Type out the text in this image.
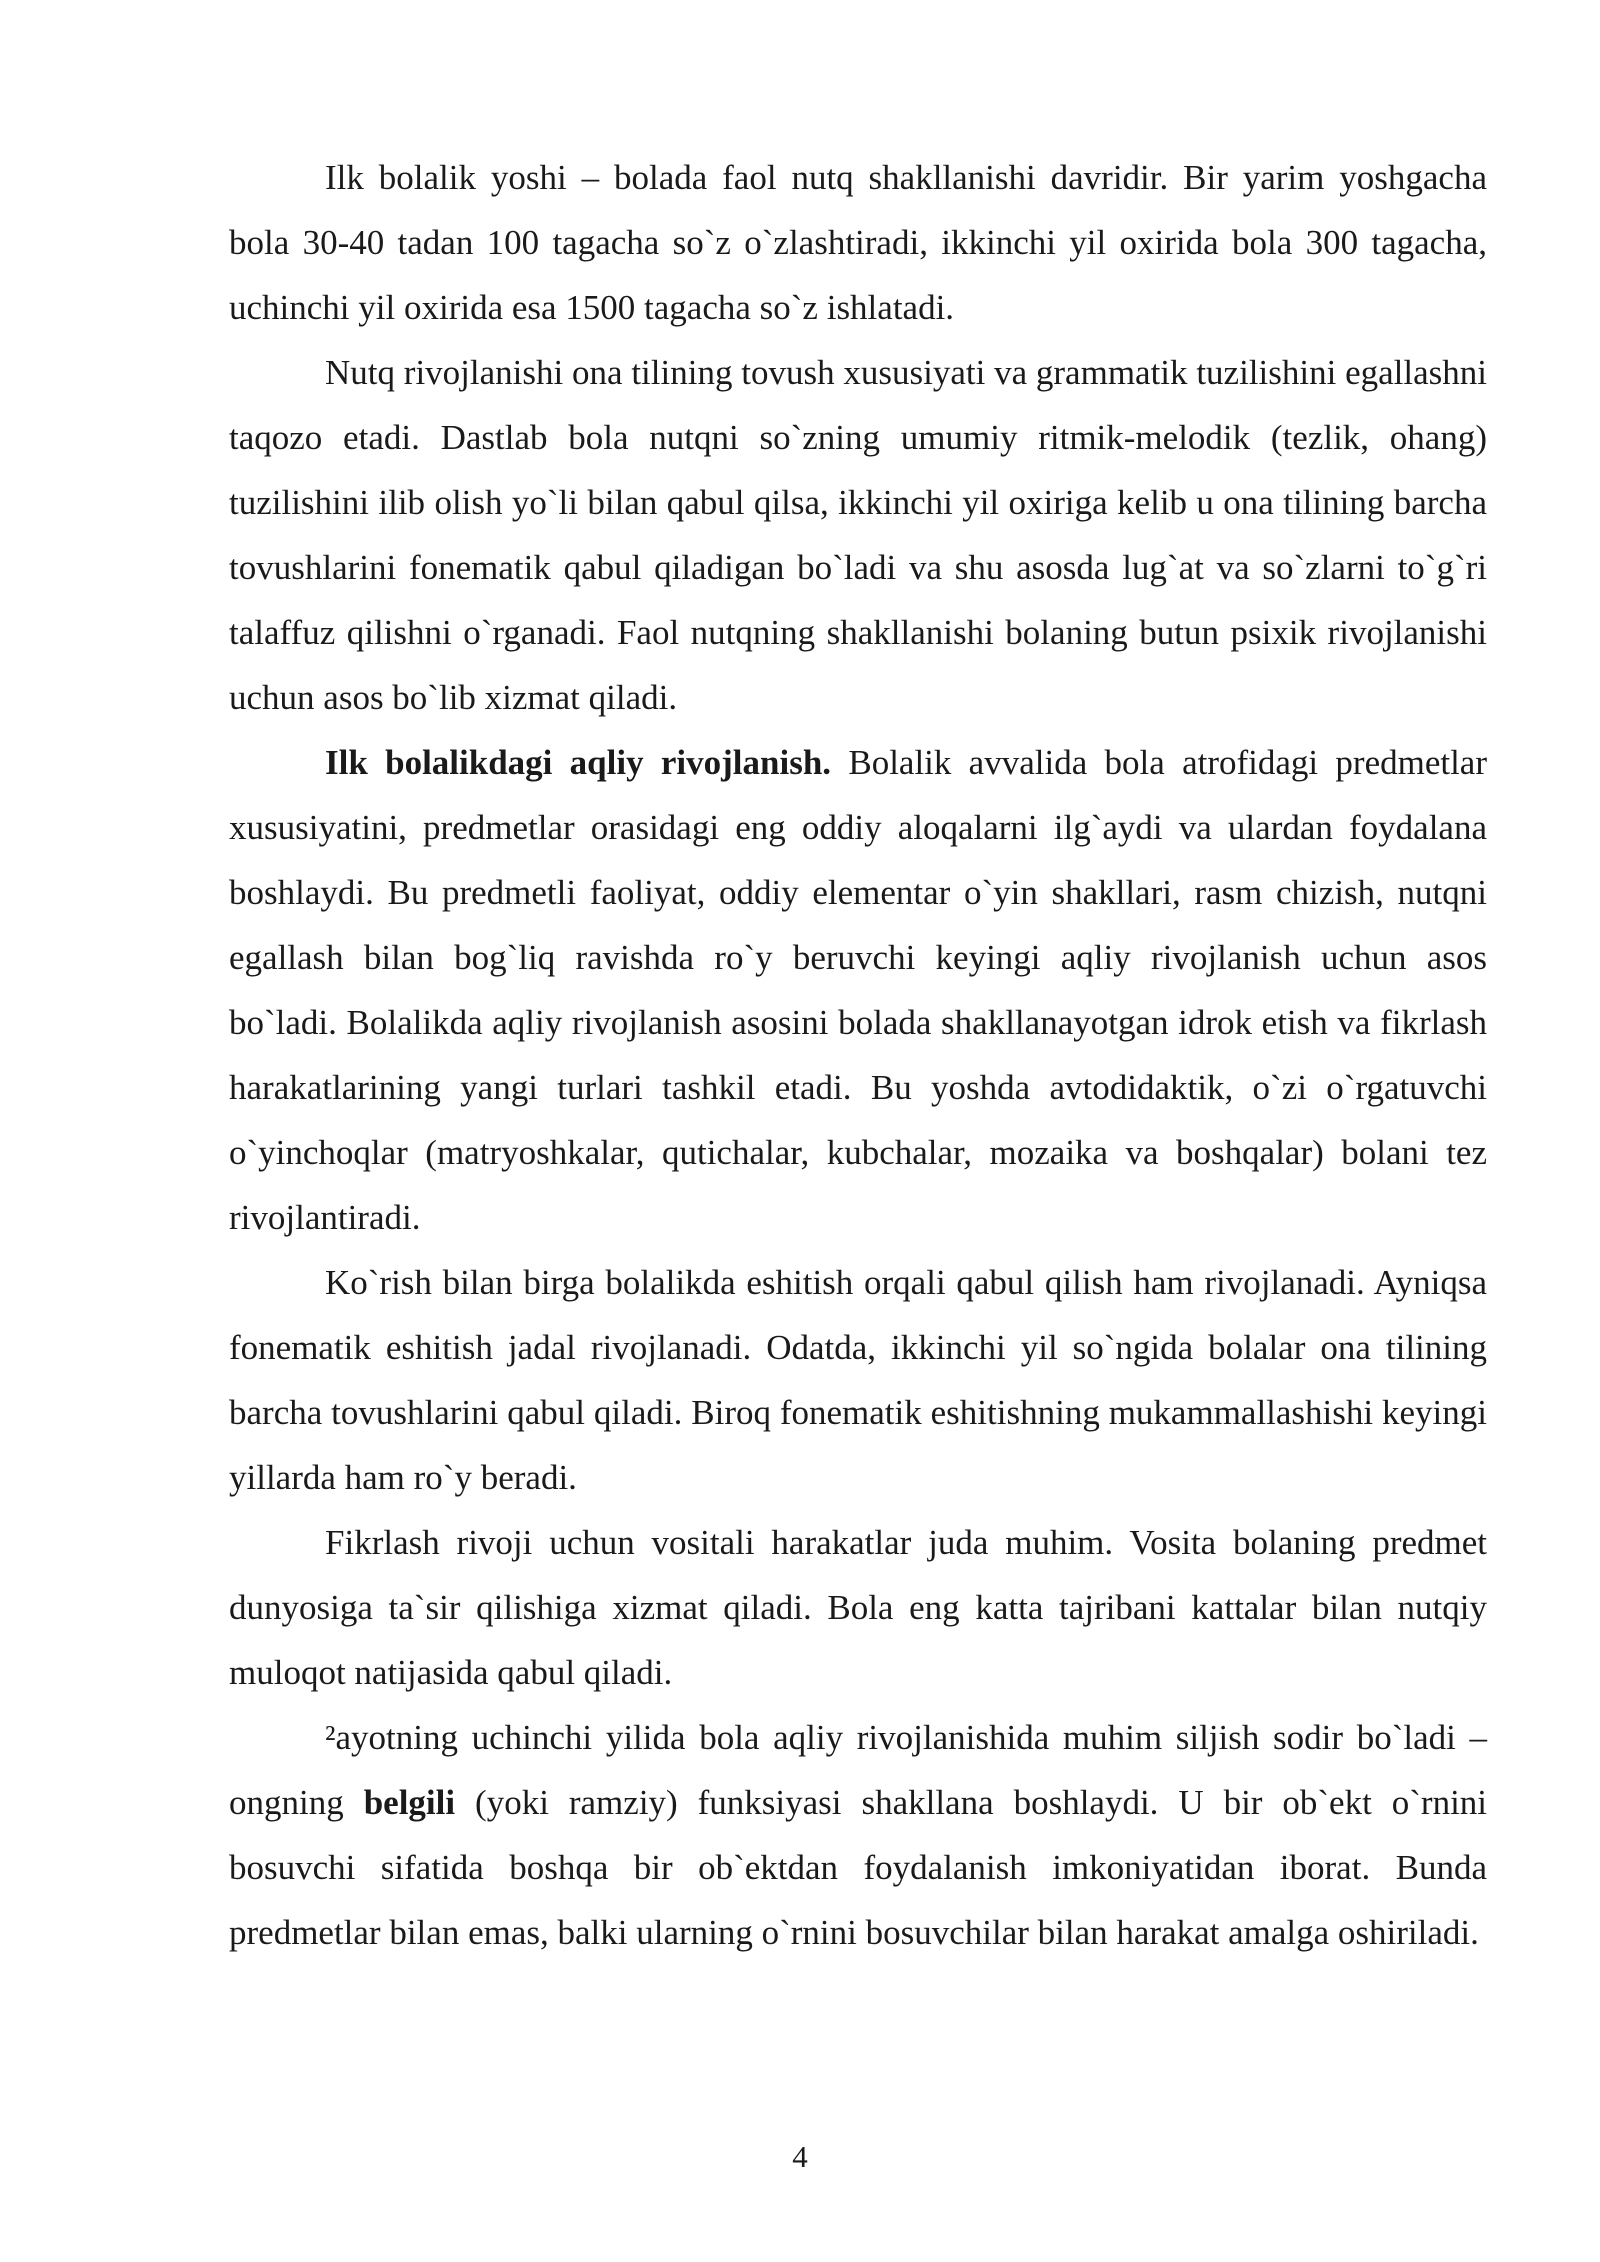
Ilk bolalik yoshi – bolada faol nutq shakllanishi davridir. Bir yarim yoshgacha bola 30-40 tadan 100 tagacha so`z o`zlashtiradi, ikkinchi yil oxirida bola 300 tagacha, uchinchi yil oxirida esa 1500 tagacha so`z ishlatadi.

Nutq rivojlanishi ona tilining tovush xususiyati va grammatik tuzilishini egallashni taqozo etadi. Dastlab bola nutqni so`zning umumiy ritmik-melodik (tezlik, ohang) tuzilishini ilib olish yo`li bilan qabul qilsa, ikkinchi yil oxiriga kelib u ona tilining barcha tovushlarini fonematik qabul qiladigan bo`ladi va shu asosda lug`at va so`zlarni to`g`ri talaffuz qilishni o`rganadi. Faol nutqning shakllanishi bolaning butun psixik rivojlanishi uchun asos bo`lib xizmat qiladi.

Ilk bolalikdagi aqliy rivojlanish. Bolalik avvalida bola atrofidagi predmetlar xususiyatini, predmetlar orasidagi eng oddiy aloqalarni ilg`aydi va ulardan foydalana boshlaydi. Bu predmetli faoliyat, oddiy elementar o`yin shakllari, rasm chizish, nutqni egallash bilan bog`liq ravishda ro`y beruvchi keyingi aqliy rivojlanish uchun asos bo`ladi. Bolalikda aqliy rivojlanish asosini bolada shakllanayotgan idrok etish va fikrlash harakatlarining yangi turlari tashkil etadi. Bu yoshda avtodidaktik, o`zi o`rgatuvchi o`yinchoqlar (matryoshkalar, qutichalar, kubchalar, mozaika va boshqalar) bolani tez rivojlantiradi.

Ko`rish bilan birga bolalikda eshitish orqali qabul qilish ham rivojlanadi. Ayniqsa fonematik eshitish jadal rivojlanadi. Odatda, ikkinchi yil so`ngida bolalar ona tilining barcha tovushlarini qabul qiladi. Biroq fonematik eshitishning mukammallashishi keyingi yillarda ham ro`y beradi.

Fikrlash rivoji uchun vositali harakatlar juda muhim. Vosita bolaning predmet dunyosiga ta`sir qilishiga xizmat qiladi. Bola eng katta tajribani kattalar bilan nutqiy muloqot natijasida qabul qiladi.

²ayotning uchinchi yilida bola aqliy rivojlanishida muhim siljish sodir bo`ladi – ongning belgili (yoki ramziy) funksiyasi shakllana boshlaydi. U bir ob`ekt o`rnini bosuvchi sifatida boshqa bir ob`ektdan foydalanish imkoniyatidan iborat. Bunda predmetlar bilan emas, balki ularning o`rnini bosuvchilar bilan harakat amalga oshiriladi.

4
